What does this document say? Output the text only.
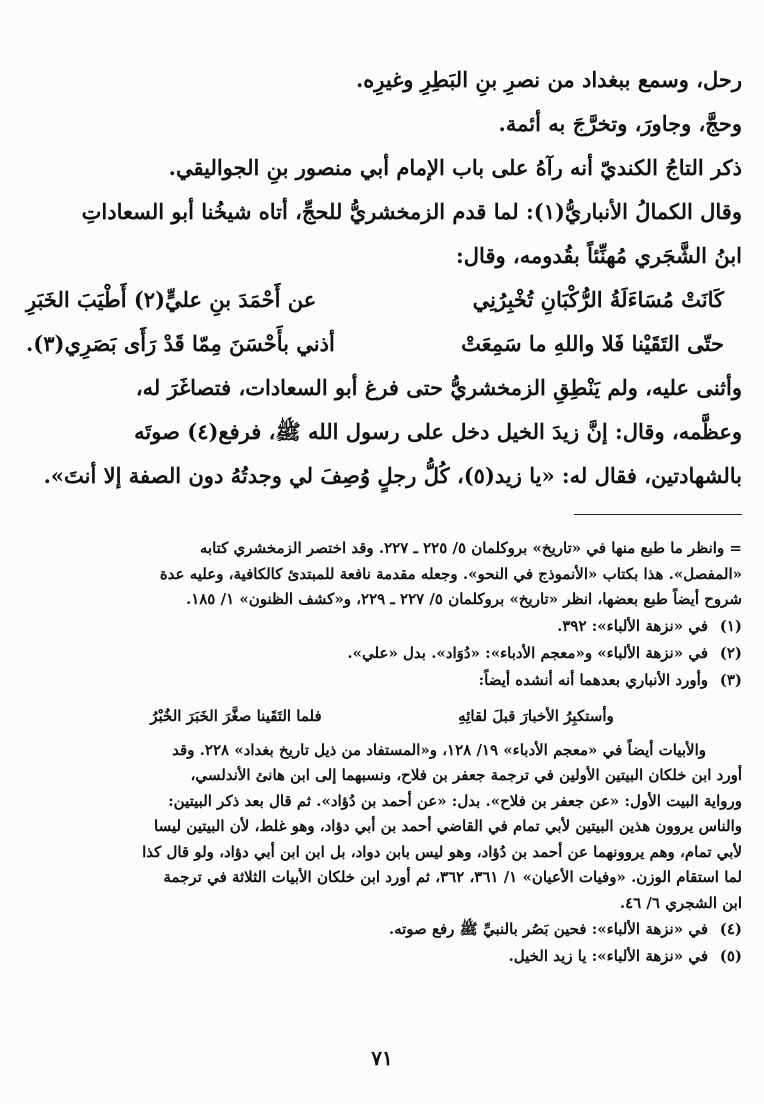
رحل، وسمع ببغداد من نصرِ بنِ البَطِرِ وغيرِه.

وحجَّ، وجاورَ، وتخرَّجَ به أئمة.

ذكر التاجُ الكنديّ أنه رآهُ على باب الإمام أبي منصور بنِ الجواليقي.

وقال الكمالُ الأنباريُّ(١): لما قدم الزمخشريُّ للحجِّ، أتاه شيخُنا أبو السعاداتِ

ابنُ الشَّجَري مُهنِّئاً بقُدومه، وقال:

كَانَتْ مُسَاءَلَةُ الرُّكْبَانِ تُخْبِرُنِي
عن أَحْمَدَ بنِ عليٍّ(٢) أَطْيَبَ الخَبَرِ
حتّى التَقَيْنا فَلا واللهِ ما سَمِعَتْ
أذني بأَحْسَنَ مِمّا قَدْ رَأَى بَصَرِي(٣).

وأثنى عليه، ولم يَنْطِقِ الزمخشريُّ حتى فرغ أبو السعادات، فتصاغَرَ له،

وعظَّمه، وقال: إنَّ زيدَ الخيل دخل على رسول الله ﷺ، فرفع(٤) صوتَه

بالشهادتين، فقال له: «يا زيد(٥)، كُلُّ رجلٍ وُصِفَ لي وجدتُهُ دون الصفة إلا أنتَ».

= وانظر ما طبع منها في «تاريخ» بروكلمان ٥/ ٢٢٥ ـ ٢٢٧. وقد اختصر الزمخشري كتابه

«المفصل». هذا بكتاب «الأنموذج في النحو». وجعله مقدمة نافعة للمبتدئ كالكافية، وعليه عدة

شروح أيضاً طبع بعضها، انظر «تاريخ» بروكلمان ٥/ ٢٢٧ ـ ٢٢٩، و«كشف الظنون» ١/ ١٨٥.

(١)
في «نزهة الألباء»: ٣٩٢.
(٢)
في «نزهة الألباء» و«معجم الأدباء»: «دُوَاد». بدل «علي».
(٣)
وأورد الأنباري بعدهما أنه أنشده أيضاً:
وأستكبِرُ الأخبارَ قبلَ لقائِهِ
فلما التَقَينا صغَّرَ الخَبَرَ الخُبْرُ

والأبيات أيضاً في «معجم الأدباء» ١٩/ ١٢٨، و«المستفاد من ذيل تاريخ بغداد» ٢٢٨. وقد

أورد ابن خلكان البيتين الأولين في ترجمة جعفر بن فلاح، ونسبهما إلى ابن هانئ الأندلسي،

ورواية البيت الأول: «عن جعفر بن فلاح». بدل: «عن أحمد بن دُؤاد». ثم قال بعد ذكر البيتين:

والناس يروون هذين البيتين لأبي تمام في القاضي أحمد بن أبي دؤاد، وهو غلط، لأن البيتين ليسا

لأبي تمام، وهم يروونهما عن أحمد بن دُؤاد، وهو ليس بابن دواد، بل ابن ابن أبي دؤاد، ولو قال كذا

لما استقام الوزن. «وفيات الأعيان» ١/ ٣٦١، ٣٦٢، ثم أورد ابن خلكان الأبيات الثلاثة في ترجمة

ابن الشجري ٦/ ٤٦.

(٤)
في «نزهة الألباء»: فحين بَصُر بالنبيِّ ﷺ رفع صوته.
(٥)
في «نزهة الألباء»: يا زيد الخيل.
٧١
